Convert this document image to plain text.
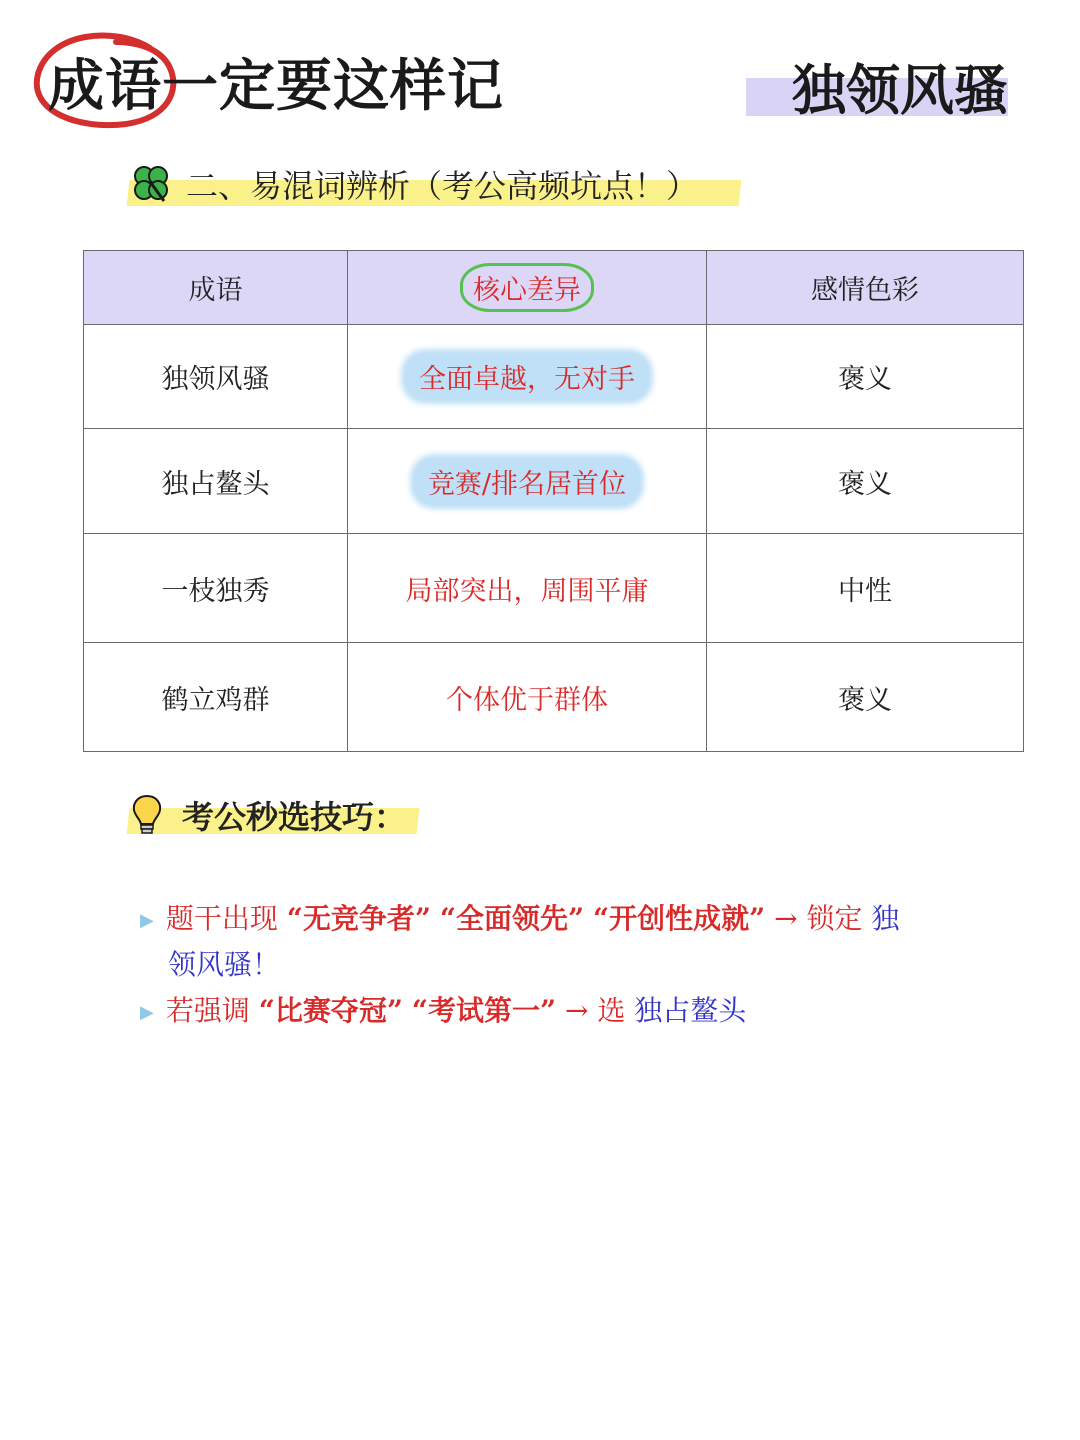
成语一定要这样记	独领风骚
二、易混词辨析（考公高频坑点！）
成语	核心差异	感情色彩
独领风骚	全面卓越，无对手	褒义
独占鳌头	竞赛/排名居首位	褒义
一枝独秀	局部突出，周围平庸	中性
鹤立鸡群	个体优于群体	褒义
考公秒选技巧：
▶ 题干出现 “无竞争者” “全面领先” “开创性成就” → 锁定 独
领风骚！
▶ 若强调 “比赛夺冠” “考试第一” → 选 独占鳌头
